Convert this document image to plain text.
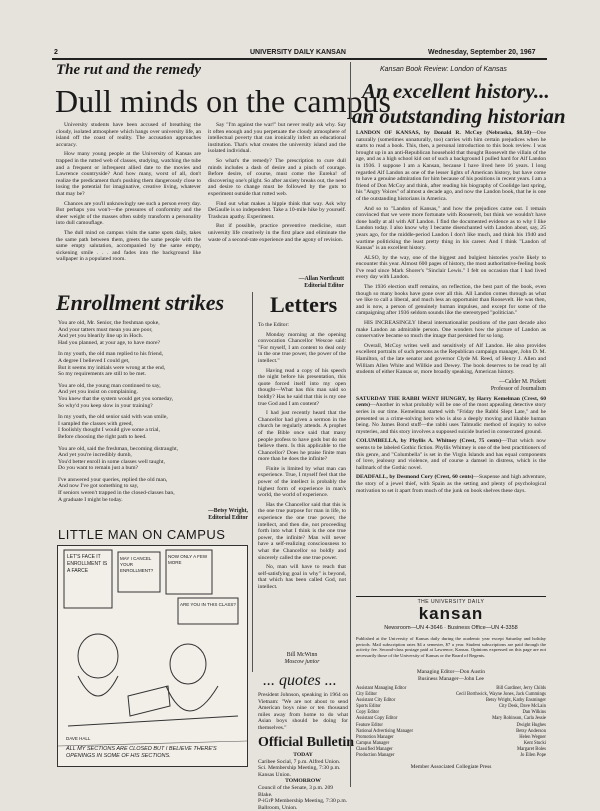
2	UNIVERSITY DAILY KANSAN	Wednesday, September 20, 1967
The rut and the remedy
Dull minds on the campus

University students have been accused of breathing the cloudy, isolated atmosphere which hangs over university life, an island off the coast of reality. The accusation approaches accuracy.

How many young people at the University of Kansas are trapped in the rutted web of classes, studying, watching the tube and a frequent or infrequent allied date to the movies and Lawrence countryside? And how many, worst of all, don't realize the predicament that's pushing them dangerously close to losing the potential for imaginative, creative living, whatever that may be?

Chances are you'll unknowingly see such a person every day. But perhaps you won't—the pressures of conformity and the sheer weight of the masses often subtly transform a personality into dull camouflage.

The dull mind on campus visits the same spots daily, takes the same path between them, greets the same people with the same empty salutation, accompanied by the same empty, sickening smile . . . and fades into the background like wallpaper in a populated room.

Say "I'm against the war!" but never really ask why. Say it often enough and you perpetuate the cloudy atmosphere of intellectual poverty that can ironically infect an educational institution. That's what creates the university island and the isolated individual.

So what's the remedy? The prescription to cure dull minds includes a dash of desire and a pinch of courage. Before desire, of course, must come the Eureka! of discovering one's plight. So after anxiety breaks out, the need and desire to change must be followed by the guts to experiment outside that rutted web.

Find out what makes a hippie think that way. Ask why DeGaulle is so independent. Take a 10-mile hike by yourself. Trashcan apathy. Experiment.

But if possible, practice preventive medicine, start university life creatively in the first place and eliminate the waste of a second-rate experience and the agony of revision.

—Allan Northcutt
Editorial Editor
Enrollment strikes
You are old, Mr. Senior, the freshman spoke,
And your tatters must mean you are poor,
And yet you blearily line up in Hoch.
Had you planned, at your age, to have more?
In my youth, the old man replied to his friend,
A degree I believed I could get,
But it seems my initials were wrong at the end,
So my requirements are still to be met.
You are old, the young man continued to say,
And yet you insist on complaining.
You knew that the system would get you someday,
So why'd you keep slow in your training?
In my youth, the old senior said with wan smile,
I sampled the classes with greed,
I foolishly thought I would give some a trial,
Before choosing the right path to heed.
You are old, said the freshman, becoming distraught,
And yet you're incredibly dumb,
You'd better enroll in some classes well taught,
Do you want to remain just a bum?
I've answered your queries, replied the old man,
And now I've got something to say,
If seniors weren't trapped in the closed-classes ban,
A graduate I might be today.
—Betsy Wright,
Editorial Editor
Letters

To the Editor:

Monday morning at the opening convocation Chancellor Wescoe said: "For myself, I am content to deal only in the one true power, the power of the intellect."

Having read a copy of his speech the night before his presentation, this quote forced itself into my open thought—What has this man said so boldly? Has he said that this is my one true God and I am content?

I had just recently heard that the Chancellor had given a sermon in the church he regularly attends. A prophet of the Bible once said that many people profess to have gods but do not believe them. Is this applicable to the Chancellor? Does he praise finite man more than he does the infinite?

Finite is limited by what man can experience. True, I myself feel that the power of the intellect is probably the highest form of experience in man's world, the world of experience.

Has the Chancellor said that this is the one true purpose for man in life, to experience the one true power, the intellect, and then die, not proceeding forth into what I think is the one true power, the infinite? Man will never have a self-realizing consciousness to what the Chancellor so boldly and sincerely called the one true power.

No, man will have to reach that self-satisfying goal in why" is beyond, that which has been called God, not intellect.

Bill McWinn
Moscow junior
LITTLE MAN ON CAMPUS
LET'S FACE IT ENROLLMENT IS A FARCE
MAY I CANCEL YOUR ENROLLMENT?
NOW ONLY A FEW MORE
ARE YOU IN THIS CLASS?
DAVE HALL
ALL MY SECTIONS ARE CLOSED BUT I BELIEVE THERE'S OPENINGS IN SOME OF HIS SECTIONS.
... quotes ...
President Johnson, speaking in 1964 on Vietnam: "We are not about to send American boys nine or ten thousand miles away from home to do what Asian boys should be doing for themselves."
Official Bulletin
TODAY
Caribee Social, 7 p.m. Alfred Union.
Sci. Membership Meeting, 7:30 p.m. Kansas Union.
TOMORROW
Council of the Senate, 3 p.m. 209 Blake.
P-iGrP Membership Meeting, 7:30 p.m. Ballroom, Union.
Kansan Book Review: London of Kansas
An excellent history...
an outstanding historian

LANDON OF KANSAS, by Donald R. McCoy (Nebraska, $8.50)—One naturally (sometimes unnaturally, too) carries with him certain prejudices when he starts to read a book. This, then, a personal introduction to this book review. I was brought up in an anti-Republican household that thought Roosevelt the villain of the age, and as a high school kid out of such a background I pulled hard for Alf Landon in 1936. I suppose I am a Kansan, because I have lived here 16 years. I long regarded Alf Landon as one of the lesser lights of American history, but have come to have a genuine admiration for him because of his positions in recent years. I am a friend of Don McCoy and think, after reading his biography of Coolidge last spring, his "Angry Voices" of almost a decade ago, and now the Landon book, that he is one of the outstanding historians in America.

And so to "Landon of Kansas," and how the prejudices came out. I remain convinced that we were more fortunate with Roosevelt, but think we wouldn't have done badly at all with Alf Landon. I find the documented evidence as to why I like Landon today. I also know why I became disenchanted with Landon about, say, 25 years ago, for the middle-period Landon I don't like much, and think his 1940 and wartime politicking the least pretty thing in his career. And I think "Landon of Kansas" is an excellent history.

ALSO, by the way, one of the biggest and bulgiest histories you're likely to encounter this year. Almost 600 pages of history, the most authoritative-feeling book I've read since Mark Shorer's "Sinclair Lewis." I felt on occasion that I had lived every day with Landon.

The 1936 election stuff remains, on reflection, the best part of the book, even though so many books have gone over all this. All Landon comes through as what we like to call a liberal, and much less an opportunist than Roosevelt. He was then, and is now, a person of genuinely human impulses, and except for some of the campaigning after 1936 seldom sounds like the stereotyped "politician."

HIS INCREASINGLY liberal internationalist positions of the past decade also make Landon an admirable person. One wonders how the picture of Landon as conservative became so much the image that persisted for so long.

Overall, McCoy writes well and sensitively of Alf Landon. He also provides excellent portraits of such persons as the Republican campaign manager, John D. M. Hamilton, of the late senator and governor Clyde M. Reed, of Henry J. Allen and William Allen White and Willkie and Dewey. The book deserves to be read by all students of either Kansas or, more broadly speaking, American history.

—Calder M. Pickett
Professor of Journalism

SATURDAY THE RABBI WENT HUNGRY, by Harry Kemelman (Crest, 60 cents)—Another in what probably will be one of the most appealing detective story series in our time. Kemelman started with "Friday the Rabbi Slept Late," and he presented us a crime-solving hero who is also a deeply moving and likable human being. No James Bond stuff—the rabbi uses Talmudic method of inquiry to solve mysteries, and this story involves a supposed suicide buried in consecrated ground.

COLUMBELLA, by Phyllis A. Whitney (Crest, 75 cents)—That which now seems to be labeled Gothic fiction. Phyllis Whitney is one of the best practitioners of this genre, and "Columbella" is set in the Virgin Islands and has equal components of love, jealousy and violence, and of course a damsel in distress, which is the hallmark of the Gothic novel.

DEADFALL, by Desmond Cory (Crest, 60 cents)—Suspense and high adventure, the story of a jewel thief, with Spain as the setting and plenty of psychological motivation to set it apart from much of the junk on book shelves these days.

THE UNIVERSITY DAILY
kansan
Newsroom—UN 4-3646 · Business Office—UN 4-3358
Published at the University of Kansas daily during the academic year except Saturday and holiday periods. Mail subscription rates $4 a semester, $7 a year. Student subscriptions are paid through the activity fee. Second-class postage paid at Lawrence, Kansas. Opinions expressed on this page are not necessarily those of the University of Kansas or the Board of Regents.
Managing Editor—Don Austin
Business Manager—John Lee
Assistant Managing Editor
City Editor
Assistant City Editor
Sports Editor
Copy Editor
Assistant Copy Editor
Feature Editor
National Advertising Manager
Promotion Manager
Campus Manager
Classified Manager
Production Manager
Bill Gardiner, Jerry Childs
Cecil Borthwick, Wayne Jones, Jack Cummings
Betsy Wright, Kathy Ensminger
City Desk, Dave McLain
Dan Wilkins
Mary Robinson, Carla Jessie
Dwight Hughes
Betsy Anderson
Helen Wegner
Kent Stucki
Margaret Boles
Jo Ellen Pope
Member Associated Collegiate Press
